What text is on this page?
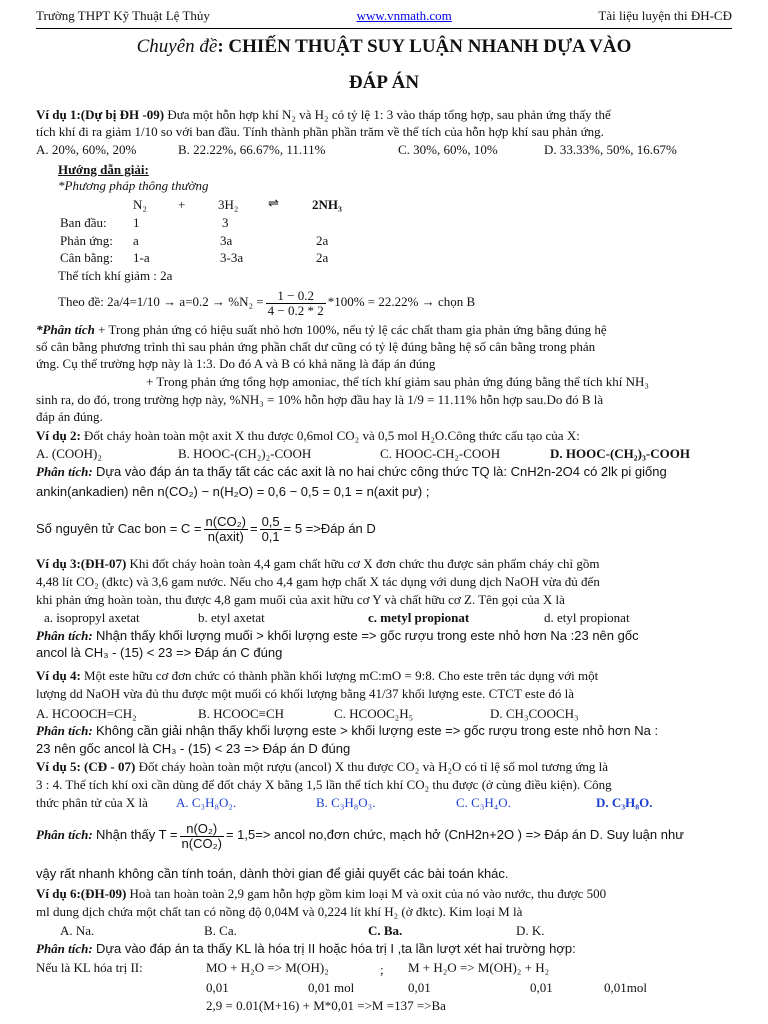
Trường THPT Kỹ Thuật Lệ Thủy	www.vnmath.com	Tài liệu luyện thi ĐH-CĐ
Chuyên đề: CHIẾN THUẬT SUY LUẬN NHANH DỰA VÀO
ĐÁP ÁN
Ví dụ 1:(Dự bị ĐH -09) Đưa một hỗn hợp khí N₂ và H₂ có tỷ lệ 1: 3 vào tháp tổng hợp, sau phản ứng thấy thể
tích khí đi ra giảm 1/10 so với ban đầu. Tính thành phần phần trăm về thể tích của hỗn hợp khí sau phản ứng.
A. 20%, 60%, 20%	B. 22.22%, 66.67%, 11.11%	C. 30%, 60%, 10%	D. 33.33%, 50%, 16.67%
Hướng dẫn giải:
*Phương pháp thông thường
N₂ +	3H₂ ⇌	2NH₃
Ban đầu: 1	3
Phản ứng: a	3a	2a
Cân bằng: 1-a	3-3a	2a
Thể tích khí giảm : 2a
Theo đề: $2a/4=1/10 \to a=0.2 \to \%N_2 = \frac{1 - 0.2}{4 - 0.2 * 2} *100\% = 22.22\%$ → chọn B
*Phân tích + Trong phản ứng có hiệu suất nhỏ hơn 100%, nếu tỷ lệ các chất tham gia phản ứng bằng đúng hệ
số cân bằng phương trình thì sau phản ứng phần chất dư cũng có tỷ lệ đúng bằng hệ số cân bằng trong phản
ứng. Cụ thể trường hợp này là 1:3. Do đó A và B có khả năng là đáp án đúng
+ Trong phản ứng tổng hợp amoniac, thể tích khí giảm sau phản ứng đúng bằng thể tích khí NH₃
sinh ra, do đó, trong trường hợp này, %NH₃ = 10% hỗn hợp đầu hay là 1/9 = 11.11% hỗn hợp sau.Do đó B là
đáp án đúng.
Ví dụ 2: Đốt cháy hoàn toàn một axit X thu được 0,6mol CO₂ và 0,5 mol H₂O.Công thức cấu tạo của X:
A. (COOH)₂	B. HOOC-(CH₂)₂-COOH	C. HOOC-CH₂-COOH	D. HOOC-(CH₂)₃-COOH
Phân tích: Dựa vào đáp án ta thấy tất các các axit là no hai chức công thức TQ là: CnH2n-2O4 có 2lk pi giống
ankin(ankadien) nên n(CO₂) − n(H₂O) = 0,6 − 0,5 = 0,1 = n(axit pư) ;
Số nguyên tử Cac bon = $C = \frac{\text{n(CO₂)}}{\text{n(axit)}} = \frac{0,5}{0,1} = 5$ =>Đáp án D
Ví dụ 3:(ĐH-07) Khi đốt cháy hoàn toàn 4,4 gam chất hữu cơ X đơn chức thu được sản phẩm cháy chỉ gồm
4,48 lít CO₂ (đktc) và 3,6 gam nước. Nếu cho 4,4 gam hợp chất X tác dụng với dung dịch NaOH vừa đủ đến
khi phản ứng hoàn toàn, thu được 4,8 gam muối của axit hữu cơ Y và chất hữu cơ Z. Tên gọi của X là
a. isopropyl axetat	b. etyl axetat	c. metyl propionat	d. etyl propionat
Phân tích: Nhận thấy khối lượng muối > khối lượng este => gốc rượu trong este nhỏ hơn Na :23 nên gốc
ancol là CH₃ - (15) < 23 => Đáp án C đúng
Ví dụ 4: Một este hữu cơ đơn chức có thành phần khối lượng mC:mO = 9:8. Cho este trên tác dụng với một
lượng dd NaOH vừa đủ thu được một muối có khối lượng bằng 41/37 khối lượng este. CTCT este đó là
A. HCOOCH=CH₂	B. HCOOC≡CH	C. HCOOC₂H₅	D. CH₃COOCH₃
Phân tích: Không cần giải nhận thấy khối lượng este > khối lượng este => gốc rượu trong este nhỏ hơn Na :
23 nên gốc ancol là CH₃ - (15) < 23 => Đáp án D đúng
Ví dụ 5: (CĐ - 07) Đốt cháy hoàn toàn một rượu (ancol) X thu được CO₂ và H₂O có tỉ lệ số mol tương ứng là
3 : 4. Thể tích khí oxi cần dùng để đốt cháy X bằng 1,5 lần thể tích khí CO₂ thu được (ở cùng điều kiện). Công
thức phân tử của X là A. C₃H₈O₂.	B. C₃H₈O₃.	C. C₃H₄O.	D. C₃H₈O.
Phân tích: Nhận thấy $T = \frac{\text{n(O₂)}}{\text{n(CO₂)}} = 1,5=>$ ancol no,đơn chức, mạch hở (CnH2n+2O ) => Đáp án D. Suy luận như
vậy rất nhanh không cần tính toán, dành thời gian để giải quyết các bài toán khác.
Ví dụ 6:(ĐH-09) Hoà tan hoàn toàn 2,9 gam hỗn hợp gồm kim loại M và oxit của nó vào nước, thu được 500
ml dung dịch chứa một chất tan có nồng độ 0,04M và 0,224 lít khí H₂ (ở đktc). Kim loại M là
A. Na.	B. Ca.	C. Ba.	D. K.
Phân tích: Dựa vào đáp án ta thấy KL là hóa trị II hoặc hóa trị I ,ta lần lượt xét hai trường hợp:
Nếu là KL hóa trị II:	MO + H₂O => M(OH)₂	; M + H₂O => M(OH)₂ + H₂
0,01	0,01 mol	0,01	0,01	0,01mol
2,9 = 0.01(M+16) + M*0,01 =>M =137 =>Ba
